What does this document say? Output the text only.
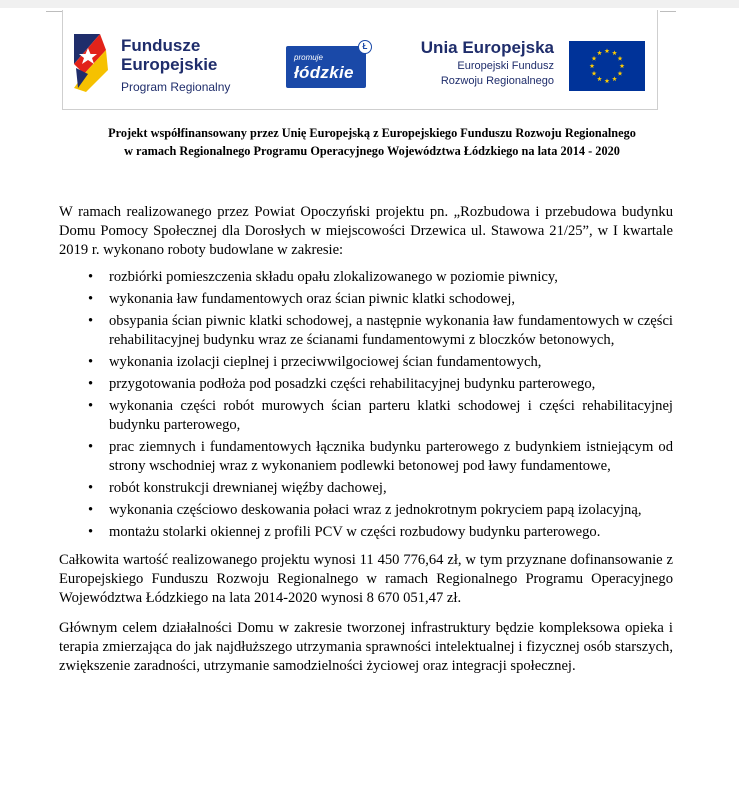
Fundusze
Europejskie
Program Regionalny
promuje
łódzkie
Ł	Unia Europejska
Europejski Fundusz
Rozwoju Regionalnego
Projekt współfinansowany przez Unię Europejską z Europejskiego Funduszu Rozwoju Regionalnego
w ramach Regionalnego Programu Operacyjnego Województwa Łódzkiego na lata 2014 - 2020

W ramach realizowanego przez Powiat Opoczyński projektu pn. „Rozbudowa i przebudowa budynku Domu Pomocy Społecznej dla Dorosłych w miejscowości Drzewica ul. Stawowa 21/25”, w I kwartale 2019 r. wykonano roboty budowlane w zakresie:

• rozbiórki pomieszczenia składu opału zlokalizowanego w poziomie piwnicy,
• wykonania ław fundamentowych oraz ścian piwnic klatki schodowej,
• obsypania ścian piwnic klatki schodowej, a następnie wykonania ław fundamentowych w części rehabilitacyjnej budynku wraz ze ścianami fundamentowymi z bloczków betonowych,
• wykonania izolacji cieplnej i przeciwwilgociowej ścian fundamentowych,
• przygotowania podłoża pod posadzki części rehabilitacyjnej budynku parterowego,
• wykonania części robót murowych ścian parteru klatki schodowej i części rehabilitacyjnej budynku parterowego,
• prac ziemnych i fundamentowych łącznika budynku parterowego z budynkiem istniejącym od strony wschodniej wraz z wykonaniem podlewki betonowej pod ławy fundamentowe,
• robót konstrukcji drewnianej więźby dachowej,
• wykonania częściowo deskowania połaci wraz z jednokrotnym pokryciem papą izolacyjną,
• montażu stolarki okiennej z profili PCV w części rozbudowy budynku parterowego.

Całkowita wartość realizowanego projektu wynosi 11 450 776,64 zł, w tym przyznane dofinansowanie z Europejskiego Funduszu Rozwoju Regionalnego w ramach Regionalnego Programu Operacyjnego Województwa Łódzkiego na lata 2014-2020 wynosi 8 670 051,47 zł.

Głównym celem działalności Domu w zakresie tworzonej infrastruktury będzie kompleksowa opieka i terapia zmierzająca do jak najdłuższego utrzymania sprawności intelektualnej i fizycznej osób starszych, zwiększenie zaradności, utrzymanie samodzielności życiowej oraz integracji społecznej.
